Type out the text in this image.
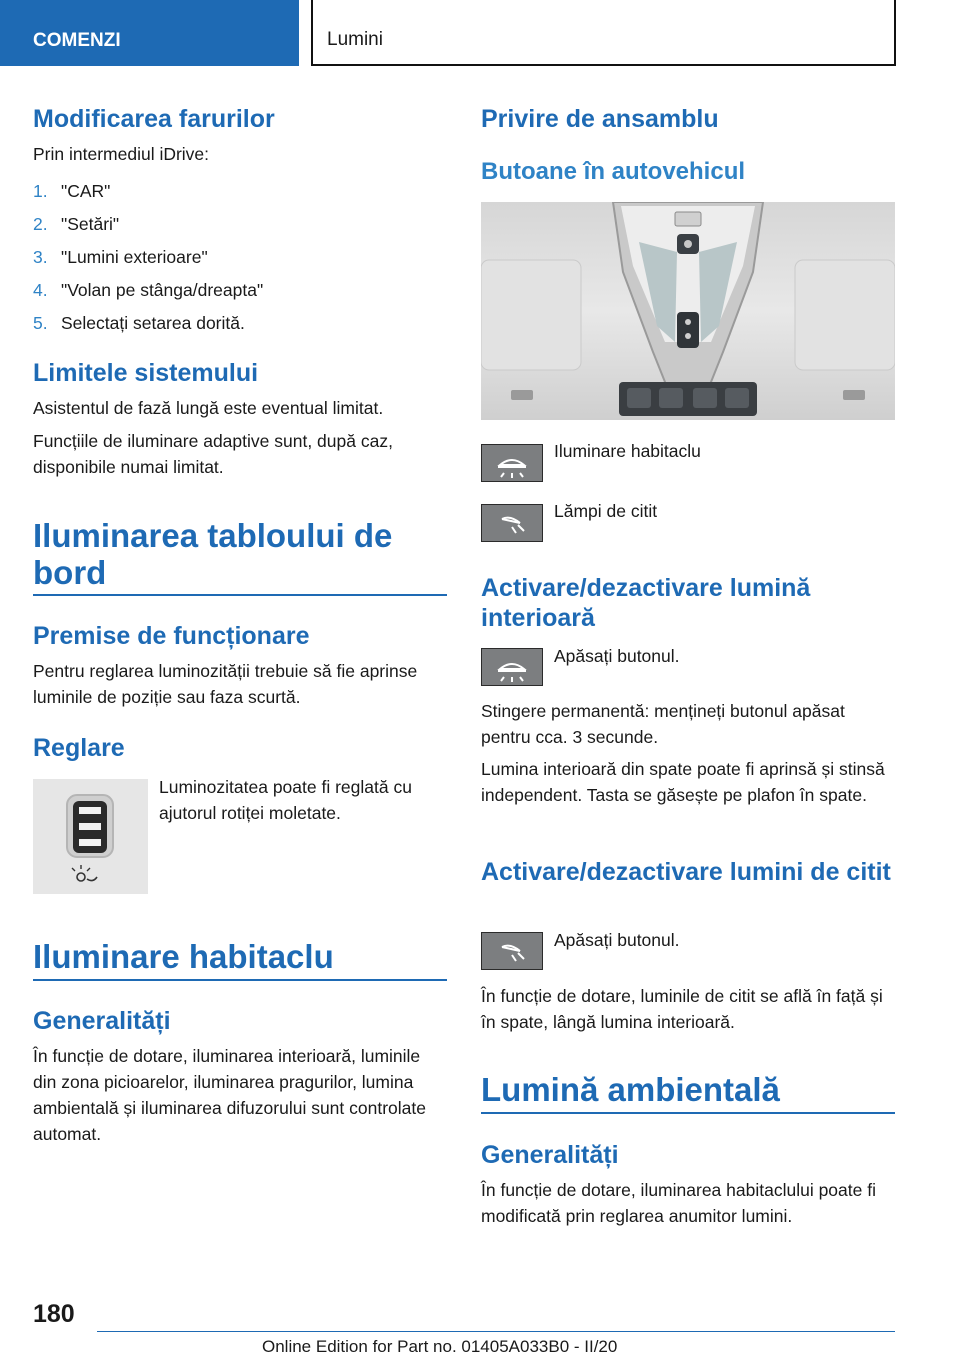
COMENZI	Lumini
Modificarea farurilor
Prin intermediul iDrive:
1. "CAR"
2. "Setări"
3. "Lumini exterioare"
4. "Volan pe stânga/dreapta"
5. Selectați setarea dorită.
Limitele sistemului
Asistentul de fază lungă este eventual limitat.
Funcțiile de iluminare adaptive sunt, după caz, disponibile numai limitat.
Iluminarea tabloului de bord
Premise de funcționare
Pentru reglarea luminozității trebuie să fie aprinse luminile de poziție sau faza scurtă.
Reglare
Luminozitatea poate fi reglată cu ajutorul rotiței moletate.
Iluminare habitaclu
Generalități
În funcție de dotare, iluminarea interioară, luminile din zona picioarelor, iluminarea pragurilor, lumina ambientală și iluminarea difuzorului sunt controlate automat.
Privire de ansamblu
Butoane în autovehicul
Iluminare habitaclu
Lămpi de citit
Activare/dezactivare lumină interioară
Apăsați butonul.
Stingere permanentă: mențineți butonul apăsat pentru cca. 3 secunde.
Lumina interioară din spate poate fi aprinsă și stinsă independent. Tasta se găsește pe plafon în spate.
Activare/dezactivare lumini de citit
Apăsați butonul.
În funcție de dotare, luminile de citit se află în față și în spate, lângă lumina interioară.
Lumină ambientală
Generalități
În funcție de dotare, iluminarea habitaclului poate fi modificată prin reglarea anumitor lumini.
180
Online Edition for Part no. 01405A033B0 - II/20
